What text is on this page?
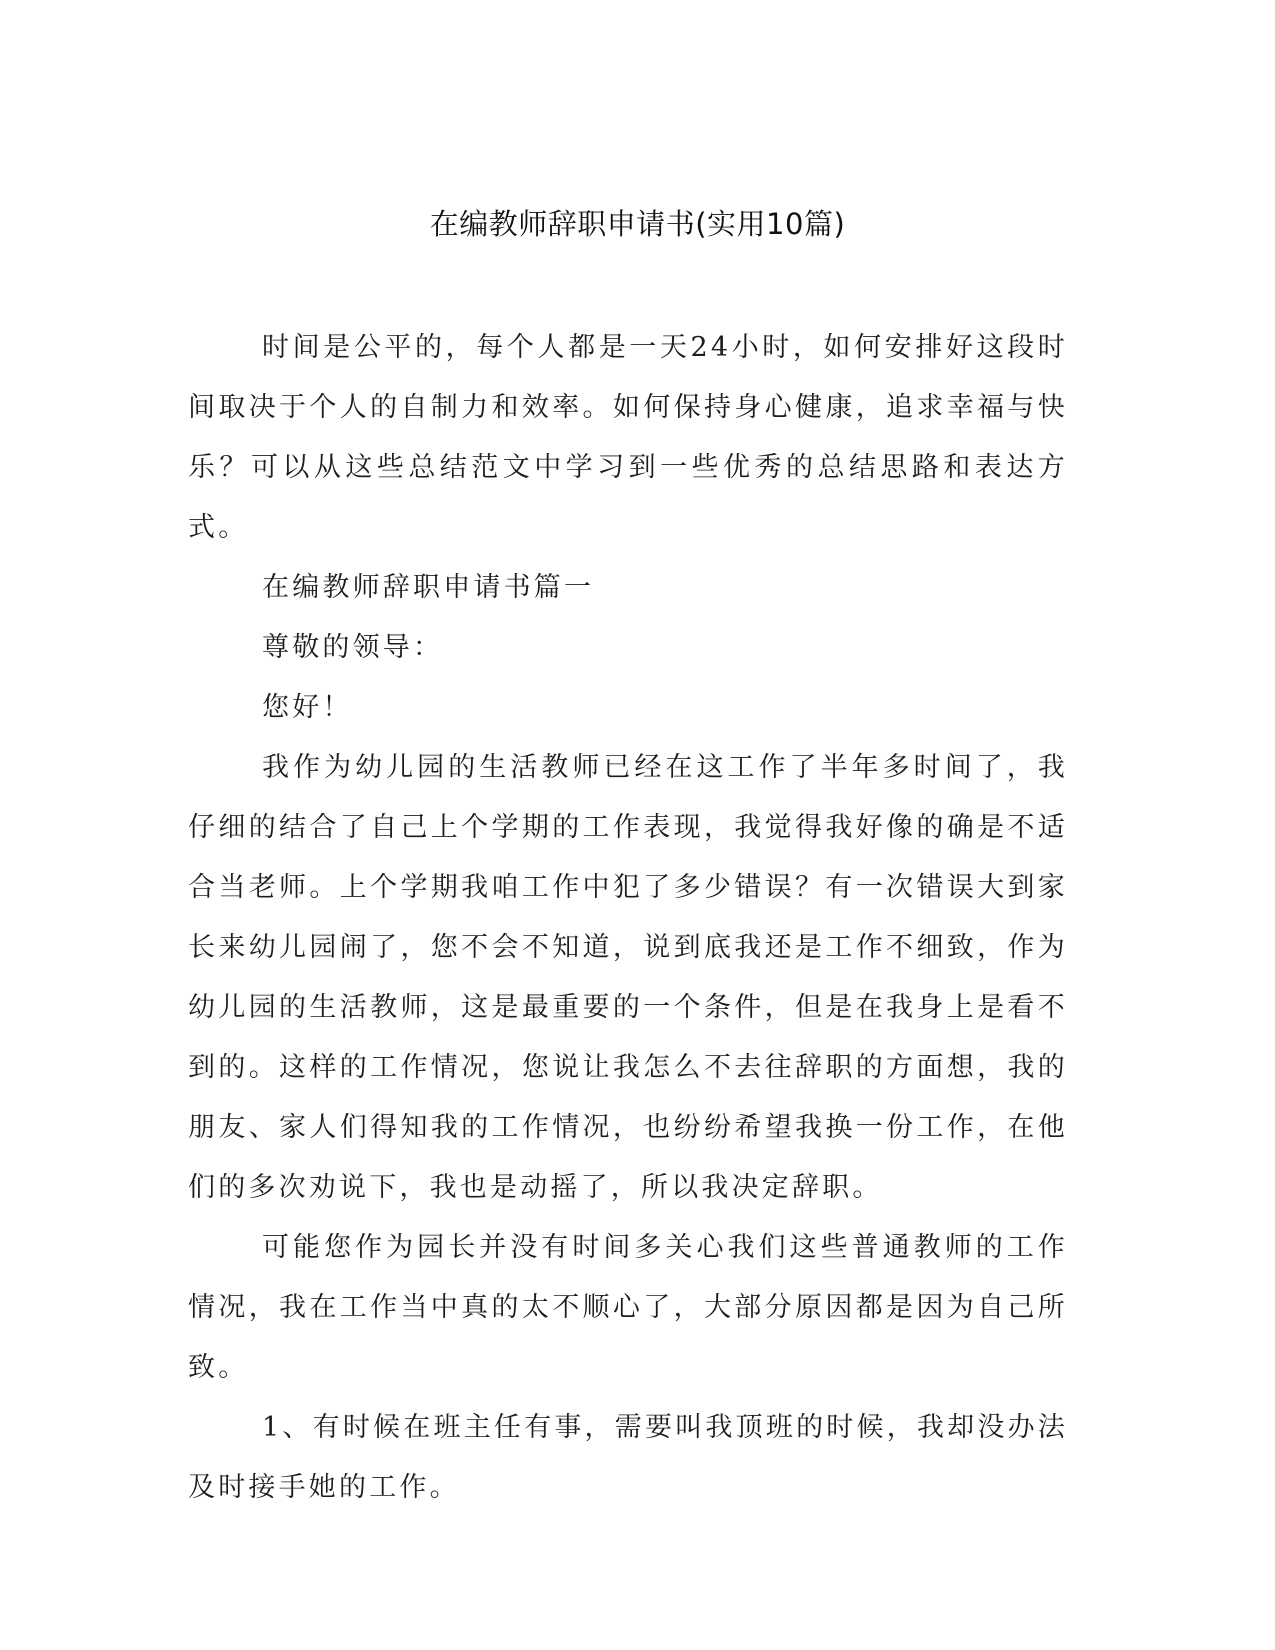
在编教师辞职申请书(实用10篇)

时间是公平的，每个人都是一天24小时，如何安排好这段时间取决于个人的自制力和效率。如何保持身心健康，追求幸福与快乐？可以从这些总结范文中学习到一些优秀的总结思路和表达方式。

在编教师辞职申请书篇一

尊敬的领导：

您好！

我作为幼儿园的生活教师已经在这工作了半年多时间了，我仔细的结合了自己上个学期的工作表现，我觉得我好像的确是不适合当老师。上个学期我咱工作中犯了多少错误？有一次错误大到家长来幼儿园闹了，您不会不知道，说到底我还是工作不细致，作为幼儿园的生活教师，这是最重要的一个条件，但是在我身上是看不到的。这样的工作情况，您说让我怎么不去往辞职的方面想，我的朋友、家人们得知我的工作情况，也纷纷希望我换一份工作，在他们的多次劝说下，我也是动摇了，所以我决定辞职。

可能您作为园长并没有时间多关心我们这些普通教师的工作情况，我在工作当中真的太不顺心了，大部分原因都是因为自己所致。

1、有时候在班主任有事，需要叫我顶班的时候，我却没办法及时接手她的工作。
